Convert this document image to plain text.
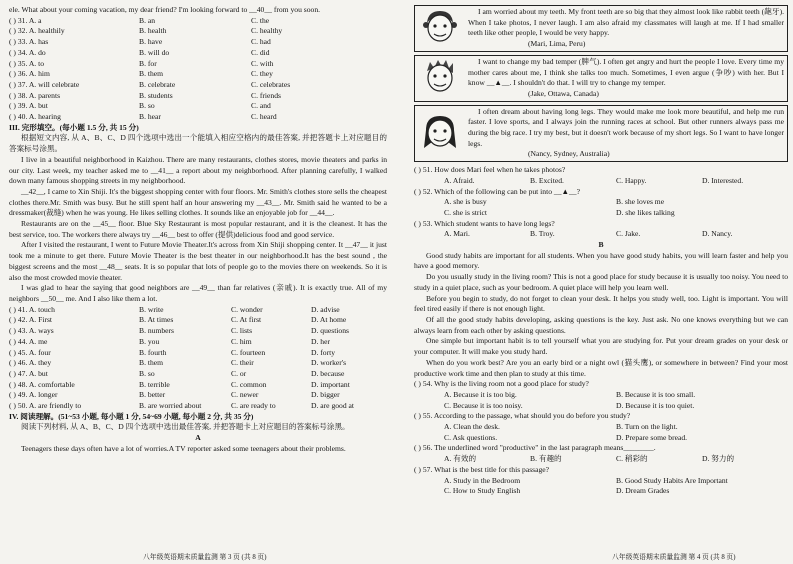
ele. What about your coming vacation, my dear friend? I'm looking forward to __40__ from you soon.
( ) 31. A. a	B. an	C. the
( ) 32. A. healthily	B. health	C. healthy
( ) 33. A. has	B. have	C. had
( ) 34. A. do	B. will do	C. did
( ) 35. A. to	B. for	C. with
( ) 36. A. him	B. them	C. they
( ) 37. A. will celebrate	B. celebrate	C. celebrates
( ) 38. A. parents	B. students	C. friends
( ) 39. A. but	B. so	C. and
( ) 40. A. hearing	B. hear	C. heard
III. 完形填空。(每小题 1.5 分, 共 15 分)
根据短文内容, 从 A、B、C、D 四个选项中选出一个能填入相应空格内的最佳答案, 并把答题卡上对应题目的答案标号涂黑。
I live in a beautiful neighborhood in Kaizhou. There are many restaurants, clothes stores, movie theaters and parks in our city. Last week, my teacher asked me to __41__ a report about my neighborhood. After planning carefully, I walked down many famous shopping streets in my neighborhood.
__42__, I came to Xin Shiji. It's the biggest shopping center with four floors. Mr. Smith's clothes store sells the cheapest clothes there.Mr. Smith was busy. But he still spent half an hour answering my __43__. Mr. Smith said he wanted to be a dressmaker(裁缝) when he was young. He likes selling clothes. It sounds like an enjoyable job for __44__.
Restaurants are on the __45__ floor. Blue Sky Restaurant is most popular restaurant, and it is the cleanest. It has the best service, too. The workers there always try __46__ best to offer (提供)delicious food and good service.
After I visited the restaurant, I went to Future Movie Theater.It's across from Xin Shiji shopping center. It __47__ it just took me a minute to get there. Future Movie Theater is the best theater in our neighborhood.It has the best sound , the biggest screens and the most __48__ seats. It is so popular that lots of people go to the movies there on weekends. So it is also the most crowded movie theater.
I was glad to hear the saying that good neighbors are __49__ than far relatives (亲戚). It is exactly true. All of my neighbors __50__ me. And I also like them a lot.
( ) 41. A. touch	B. write	C. wonder	D. advise
( ) 42. A. First	B. At times	C. At first	D. At home
( ) 43. A. ways	B. numbers	C. lists	D. questions
( ) 44. A. me	B. you	C. him	D. her
( ) 45. A. four	B. fourth	C. fourteen	D. forty
( ) 46. A. they	B. them	C. their	D. worker's
( ) 47. A. but	B. so	C. or	D. because
( ) 48. A. comfortable	B. terrible	C. common	D. important
( ) 49. A. longer	B. better	C. newer	D. bigger
( ) 50. A. are friendly to	B. are worried about	C. are ready to	D. are good at
IV. 阅读理解。(51~53 小题, 每小题 1 分, 54~69 小题, 每小题 2 分, 共 35 分)
阅读下列材料, 从 A、B、C、D 四个选项中选出最佳答案, 并把答题卡上对应题目的答案标号涂黑。
A
Teenagers these days often have a lot of worries.A TV reporter asked some teenagers about their problems.
I am worried about my teeth. My front teeth are so big that they almost look like rabbit teeth (龅牙). When I take photos, I never laugh. I am also afraid my classmates will laugh at me. If I had smaller teeth like other people, I would be very happy.
(Mari, Lima, Peru)
I want to change my bad temper (脾气). I often get angry and hurt the people I love. Every time my mother cares about me, I think she talks too much. Sometimes, I even argue (争吵) with her. But I know __▲__. I shouldn't do that. I will try to change my temper.
(Jake, Ottawa, Canada)
I often dream about having long legs. They would make me look more beautiful, and help me run faster. I love sports, and I always join the running races at school. But other runners always pass me during the big race. I try my best, but it doesn't work because of my short legs. So I want to have longer legs.
(Nancy, Sydney, Australia)
( ) 51. How does Mari feel when he takes photos?
A. Afraid.	B. Excited.	C. Happy.	D. Interested.
( ) 52. Which of the following can be put into __▲__?
A. she is busy	B. she loves me
C. she is strict	D. she likes talking
( ) 53. Which student wants to have long legs?
A. Mari.	B. Troy.	C. Jake.	D. Nancy.
B
Good study habits are important for all students. When you have good study habits, you will learn faster and help you have a good memory.
Do you usually study in the living room? This is not a good place for study because it is usually too noisy. You need to study in a quiet place, such as your bedroom. A quiet place will help you learn well.
Before you begin to study, do not forget to clean your desk. It helps you study well, too. Light is important. You will feel tired easily if there is not enough light.
Of all the good study habits developing, asking questions is the key. Just ask. No one knows everything but we can always learn from each other by asking questions.
One simple but important habit is to tell yourself what you are studying for. Put your dream grades on your desk or your computer. It will make you study hard.
When do you work best? Are you an early bird or a night owl (猫头鹰), or somewhere in between? Find your most productive work time and then plan to study at this time.
( ) 54. Why is the living room not a good place for study?
A. Because it is too big.	B. Because it is too small.
C. Because it is too noisy.	D. Because it is too quiet.
( ) 55. According to the passage, what should you do before you study?
A. Clean the desk.	B. Turn on the light.
C. Ask questions.	D. Prepare some bread.
( ) 56. The underlined word "productive" in the last paragraph means________.
A. 有效的	B. 有趣的	C. 稍彩的	D. 努力的
( ) 57. What is the best title for this passage?
A. Study in the Bedroom	B. Good Study Habits Are Important
C. How to Study English	D. Dream Grades
八年级英语期末质量监测 第 3 页 (共 8 页)	八年级英语期末质量监测 第 4 页 (共 8 页)
